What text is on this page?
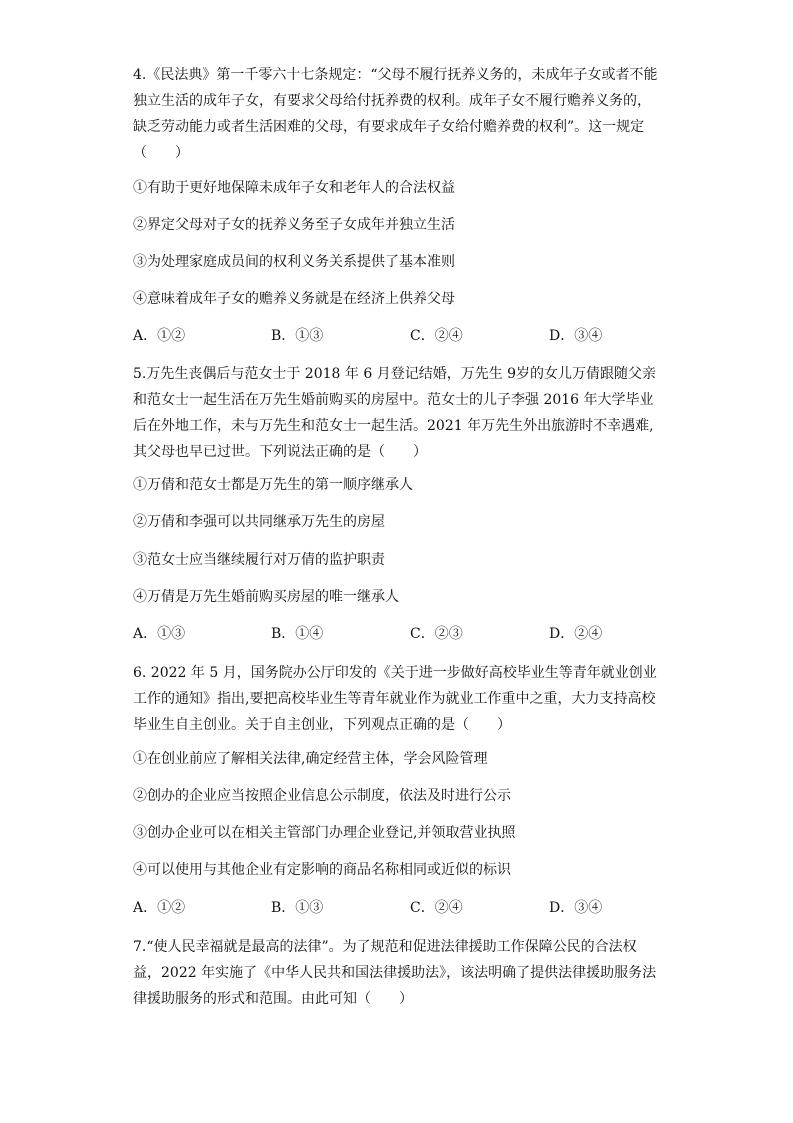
4.《民法典》第一千零六十七条规定：“父母不履行抚养义务的，未成年子女或者不能独立生活的成年子女，有要求父母给付抚养费的权利。成年子女不履行赡养义务的，缺乏劳动能力或者生活困难的父母，有要求成年子女给付赡养费的权利”。这一规定（　　）

①有助于更好地保障未成年子女和老年人的合法权益
②界定父母对子女的抚养义务至子女成年并独立生活
③为处理家庭成员间的权利义务关系提供了基本准则
④意味着成年子女的赡养义务就是在经济上供养父母
A．①②	B．①③	C．②④	D．③④

5.万先生丧偶后与范女士于 2018 年 6 月登记结婚，万先生 9岁的女儿万倩跟随父亲和范女士一起生活在万先生婚前购买的房屋中。范女士的儿子李强 2016 年大学毕业后在外地工作，未与万先生和范女士一起生活。2021 年万先生外出旅游时不幸遇难,其父母也早已过世。下列说法正确的是（　　）

①万倩和范女士都是万先生的第一顺序继承人
②万倩和李强可以共同继承万先生的房屋
③范女士应当继续履行对万倩的监护职责
④万倩是万先生婚前购买房屋的唯一继承人
A．①③	B．①④	C．②③	D．②④

6. 2022 年 5 月，国务院办公厅印发的《关于进一步做好高校毕业生等青年就业创业工作的通知》指出,要把高校毕业生等青年就业作为就业工作重中之重，大力支持高校毕业生自主创业。关于自主创业，下列观点正确的是（　　）

①在创业前应了解相关法律,确定经营主体，学会风险管理
②创办的企业应当按照企业信息公示制度，依法及时进行公示
③创办企业可以在相关主管部门办理企业登记,并领取营业执照
④可以使用与其他企业有定影响的商品名称相同或近似的标识
A．①②	B．①③	C．②④	D．③④

7.“使人民幸福就是最高的法律”。为了规范和促进法律援助工作保障公民的合法权益，2022 年实施了《中华人民共和国法律援助法》，该法明确了提供法律援助服务法律援助服务的形式和范围。由此可知（　　）
